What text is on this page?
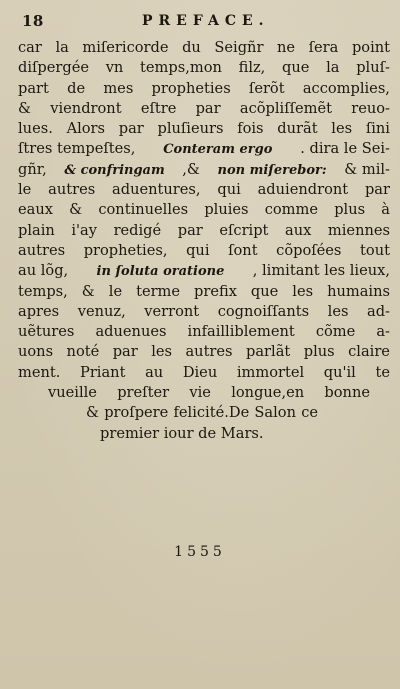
18	PREFACE.
car la miſericorde du Seigñr ne ſera point
diſpergée vn temps,mon filz, que la pluſ-
part de mes propheties ſerõt accomplies,
& viendront eſtre par acõpliſſemẽt reuo-
lues. Alors par pluſieurs fois durãt les ſini
ſtres tempeſtes, Conteram ergo . dira le Sei-
gñr, & confringam ,& non miſerebor: & mil-
le autres aduentures, qui aduiendront par
eaux & continuelles pluies comme plus à
plain i'ay redigé par eſcript aux miennes
autres propheties, qui ſont cõpoſées tout
au lõg, in ſoluta oratione , limitant les lieux,
temps, & le terme prefix que les humains
apres venuz, verront cognoiſſants les ad-
uẽtures aduenues infailliblement cõme a-
uons noté par les autres parlãt plus claire
ment. Priant au Dieu immortel qu'il te
vueille preſter vie longue,en bonne
& proſpere felicité.De Salon ce
premier iour de Mars.
1555
